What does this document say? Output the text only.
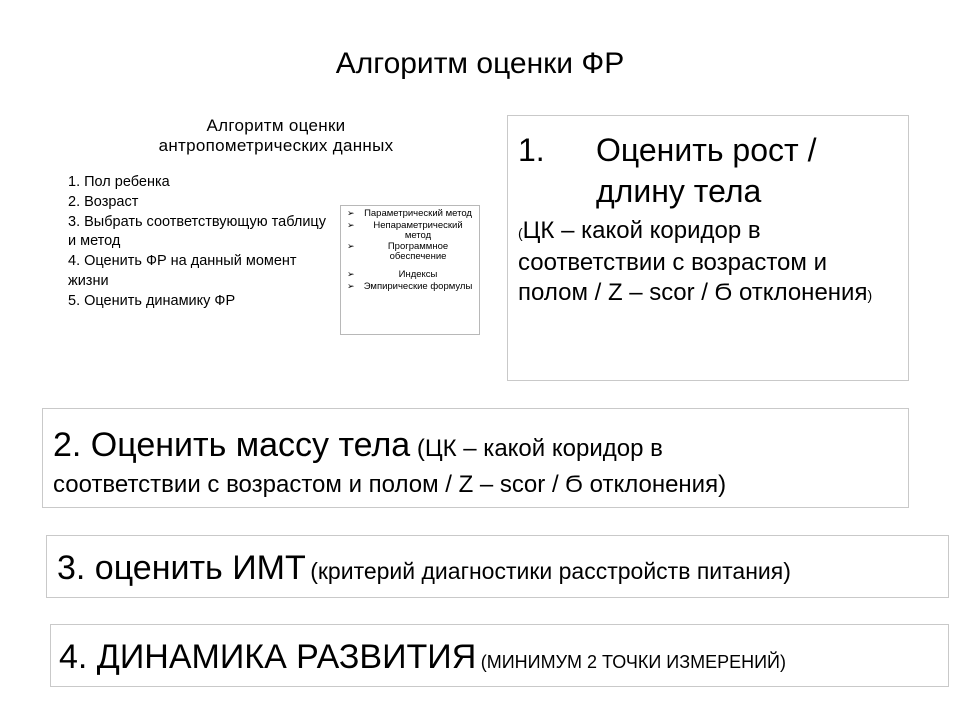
Алгоритм оценки ФР
Алгоритм оценки
антропометрических данных
1. Пол ребенка
2. Возраст
3. Выбрать соответствующую таблицу и метод
4. Оценить ФР на данный момент жизни
5. Оценить динамику ФР
➢ Параметрический метод
➢ Непараметрический метод
➢	Программное обеспечение
➢	Индексы
➢ Эмпирические формулы
1.	Оценить рост / длину тела
(ЦК – какой коридор в соответствии с возрастом и полом / Z – scor / Ϭ отклонения)
2. Оценить массу тела (ЦК – какой коридор в
соответствии с возрастом и полом / Z – scor / Ϭ отклонения)
3. оценить ИМТ (критерий диагностики расстройств питания)
4. ДИНАМИКА РАЗВИТИЯ (МИНИМУМ 2 ТОЧКИ ИЗМЕРЕНИЙ)
